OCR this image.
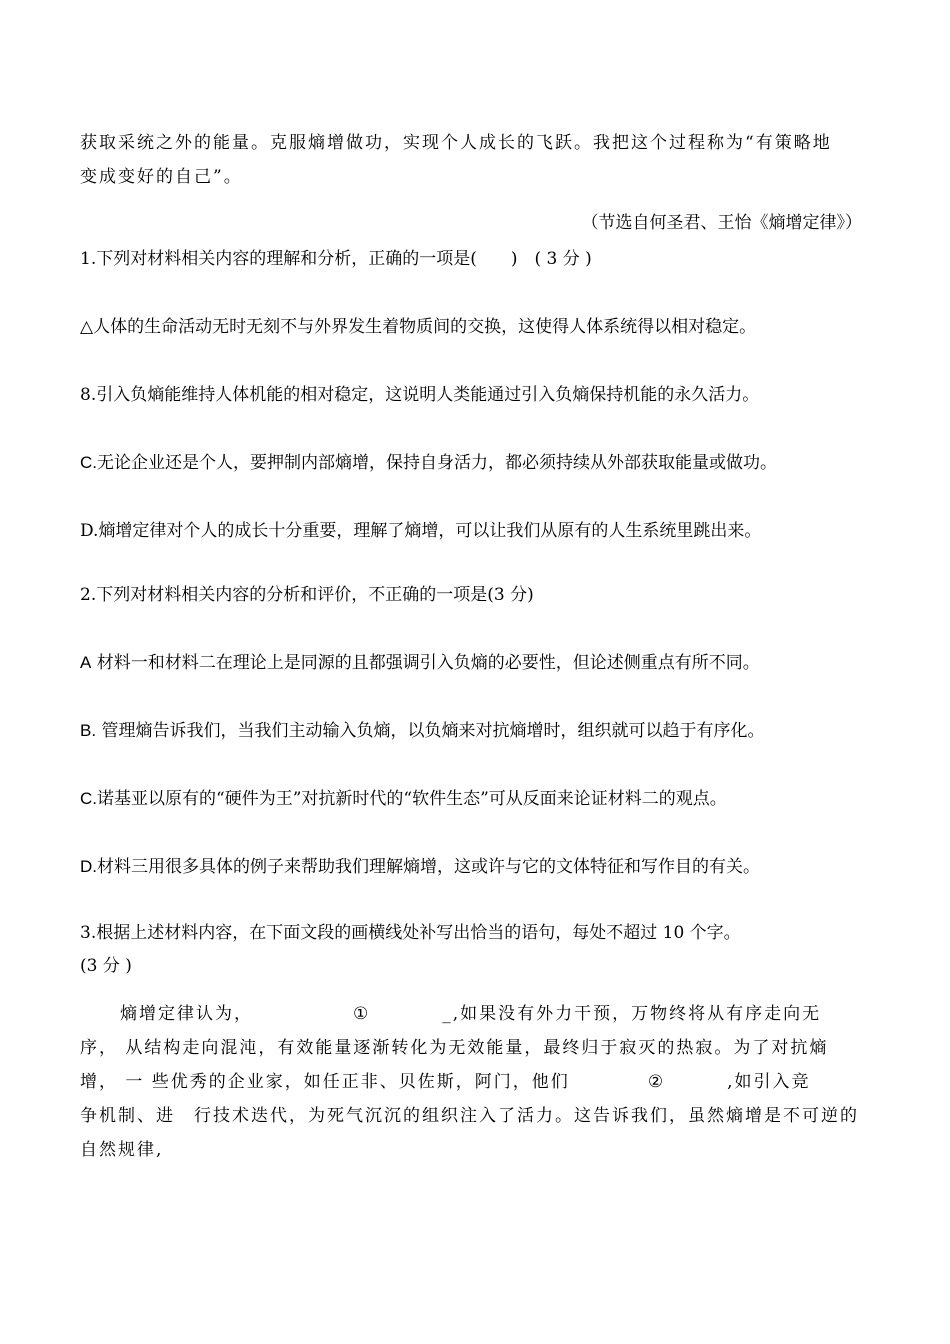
获取采统之外的能量。克服熵增做功，实现个人成长的飞跃。我把这个过程称为“有策略地
变成变好的自己”。
（节选自何圣君、王怡《熵增定律》）
1.下列对材料相关内容的理解和分析，正确的一项是(　　)　( 3 分 )
△人体的生命活动无时无刻不与外界发生着物质间的交换，这使得人体系统得以相对稳定。
8.引入负熵能维持人体机能的相对稳定，这说明人类能通过引入负熵保持机能的永久活力。
C.无论企业还是个人，要押制内部熵增，保持自身活力，都必须持续从外部获取能量或做功。
D.熵增定律对个人的成长十分重要，理解了熵增，可以让我们从原有的人生系统里跳出来。
2.下列对材料相关内容的分析和评价，不正确的一项是(3 分)
A 材料一和材料二在理论上是同源的且都强调引入负熵的必要性，但论述侧重点有所不同。
B. 管理熵告诉我们，当我们主动输入负熵，以负熵来对抗熵增时，组织就可以趋于有序化。
C.诺基亚以原有的“硬件为王”对抗新时代的“软件生态”可从反面来论证材料二的观点。
D.材料三用很多具体的例子来帮助我们理解熵增，这或许与它的文体特征和写作目的有关。
3.根据上述材料内容，在下面文段的画横线处补写出恰当的语句，每处不超过 10 个字。
(3 分 )
熵增定律认为，	①	_,如果没有外力干预，万物终将从有序走向无
序， 从结构走向混沌，有效能量逐渐转化为无效能量，最终归于寂灭的热寂。为了对抗熵
增， 一 些优秀的企业家，如任正非、贝佐斯，阿门，他们	②	,如引入竞
争机制、进　行技术迭代，为死气沉沉的组织注入了活力。这告诉我们，虽然熵增是不可逆的
自然规律,
